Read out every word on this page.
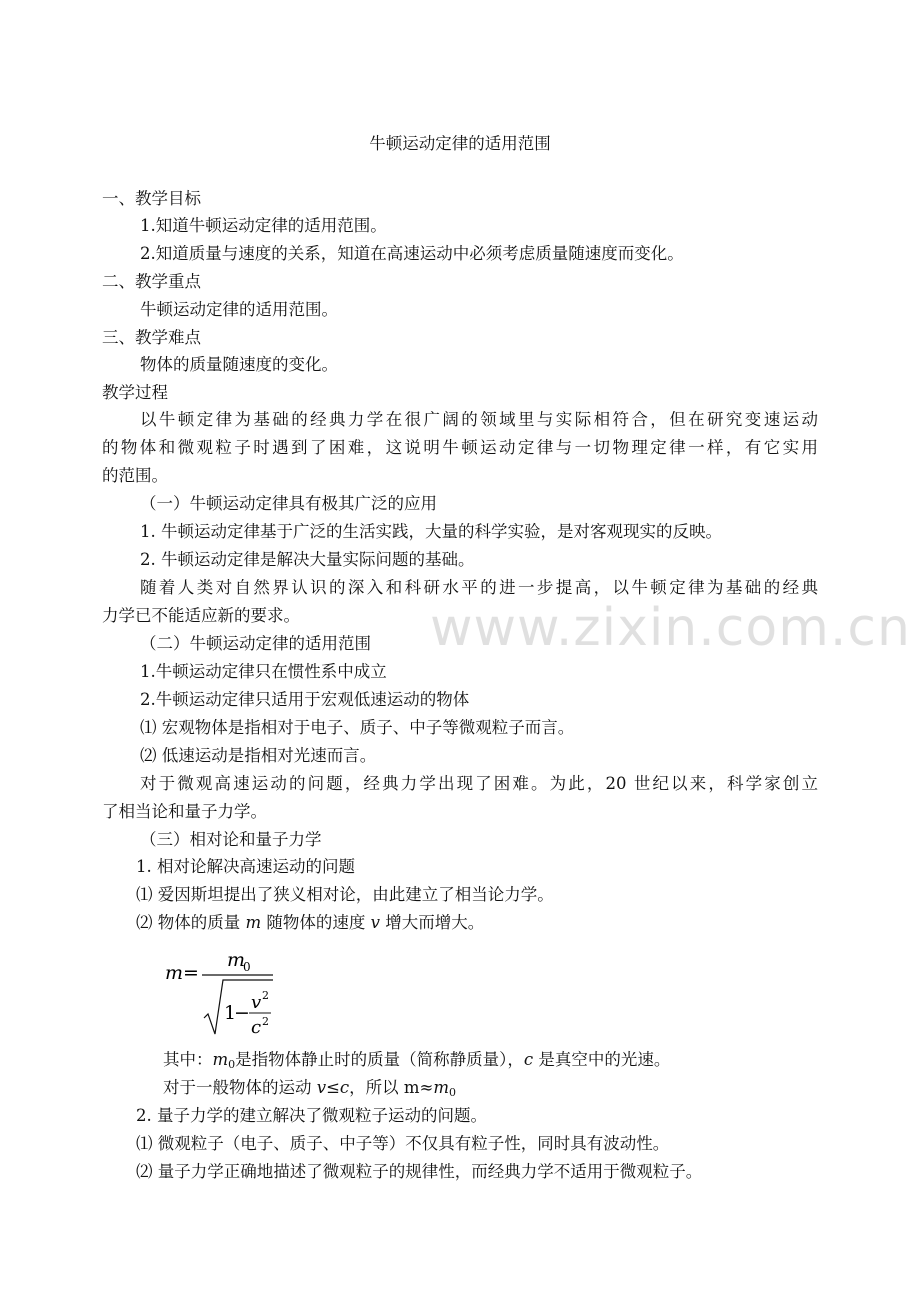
www.zixin.com.cn
牛顿运动定律的适用范围
一、教学目标
1.知道牛顿运动定律的适用范围。
2.知道质量与速度的关系，知道在高速运动中必须考虑质量随速度而变化。
二、教学重点
牛顿运动定律的适用范围。
三、教学难点
物体的质量随速度的变化。
教学过程
以牛顿定律为基础的经典力学在很广阔的领域里与实际相符合，但在研究变速运动
的物体和微观粒子时遇到了困难，这说明牛顿运动定律与一切物理定律一样，有它实用
的范围。
（一）牛顿运动定律具有极其广泛的应用
1. 牛顿运动定律基于广泛的生活实践，大量的科学实验，是对客观现实的反映。
2. 牛顿运动定律是解决大量实际问题的基础。
随着人类对自然界认识的深入和科研水平的进一步提高，以牛顿定律为基础的经典
力学已不能适应新的要求。
（二）牛顿运动定律的适用范围
1.牛顿运动定律只在惯性系中成立
2.牛顿运动定律只适用于宏观低速运动的物体
⑴ 宏观物体是指相对于电子、质子、中子等微观粒子而言。
⑵ 低速运动是指相对光速而言。
对于微观高速运动的问题，经典力学出现了困难。为此，20 世纪以来，科学家创立
了相当论和量子力学。
（三）相对论和量子力学
1. 相对论解决高速运动的问题
⑴ 爱因斯坦提出了狭义相对论，由此建立了相当论力学。
⑵ 物体的质量 m 随物体的速度 v 增大而增大。
m =
m
0
1
− v 2
c 2
其中：$m_0$是指物体静止时的质量（简称静质量），c 是真空中的光速。
对于一般物体的运动 v≤c，所以 $m\approx m_0$
2. 量子力学的建立解决了微观粒子运动的问题。
⑴ 微观粒子（电子、质子、中子等）不仅具有粒子性，同时具有波动性。
⑵ 量子力学正确地描述了微观粒子的规律性，而经典力学不适用于微观粒子。
